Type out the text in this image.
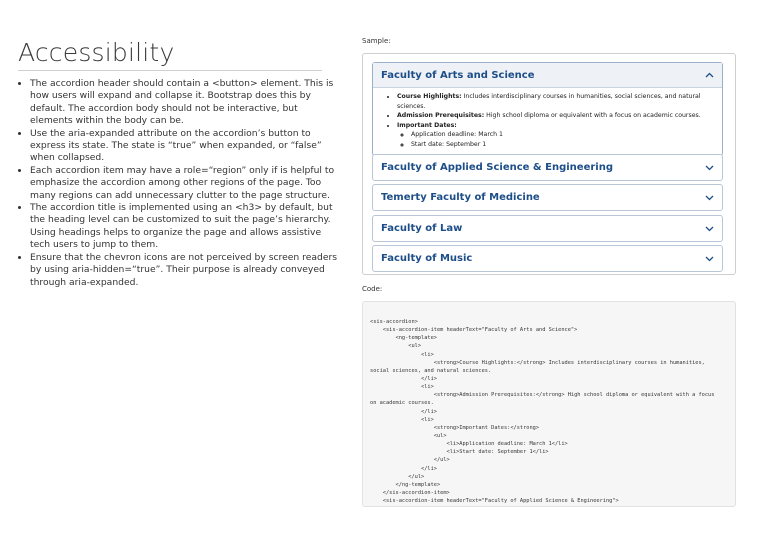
Accessibility
• The accordion header should contain a <button> element. This is how users will expand and collapse it. Bootstrap does this by default. The accordion body should not be interactive, but elements within the body can be.
• Use the aria-expanded attribute on the accordion’s button to express its state. The state is “true” when expanded, or “false” when collapsed.
• Each accordion item may have a role=“region” only if is helpful to emphasize the accordion among other regions of the page. Too many regions can add unnecessary clutter to the page structure.
• The accordion title is implemented using an <h3> by default, but the heading level can be customized to suit the page’s hierarchy. Using headings helps to organize the page and allows assistive tech users to jump to them.
• Ensure that the chevron icons are not perceived by screen readers by using aria-hidden=“true”. Their purpose is already conveyed through aria-expanded.
Sample:
Faculty of Arts and Science
• Course Highlights: Includes interdisciplinary courses in humanities, social sciences, and natural sciences.
• Admission Prerequisites: High school diploma or equivalent with a focus on academic courses.
• Important Dates:
◦ Application deadline: March 1
◦ Start date: September 1
Faculty of Applied Science & Engineering
Temerty Faculty of Medicine
Faculty of Law
Faculty of Music
Code:
<sis-accordion>
<sis-accordion-item headerText="Faculty of Arts and Science">
<ng-template>
<ul>
<li>
<strong>Course Highlights:</strong> Includes interdisciplinary courses in humanities,
social sciences, and natural sciences.
</li>
<li>
<strong>Admission Prerequisites:</strong> High school diploma or equivalent with a focus
on academic courses.
</li>
<li>
<strong>Important Dates:</strong>
<ul>
<li>Application deadline: March 1</li>
<li>Start date: September 1</li>
</ul>
</li>
</ul>
</ng-template>
</sis-accordion-item>
<sis-accordion-item headerText="Faculty of Applied Science & Engineering">
